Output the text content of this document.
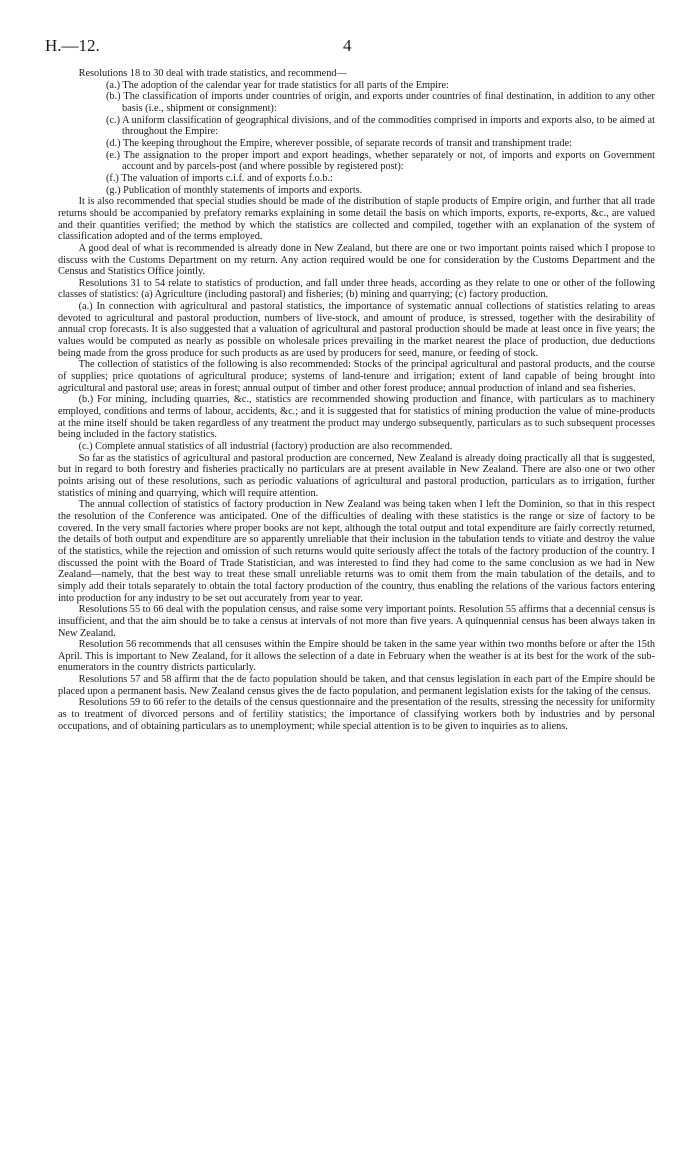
H.—12.	4

Resolutions 18 to 30 deal with trade statistics, and recommend—

(a.) The adoption of the calendar year for trade statistics for all parts of the Empire:
(b.) The classification of imports under countries of origin, and exports under countries of final destination, in addition to any other basis (i.e., shipment or consignment):
(c.) A uniform classification of geographical divisions, and of the commodities comprised in imports and exports also, to be aimed at throughout the Empire:
(d.) The keeping throughout the Empire, wherever possible, of separate records of transit and transhipment trade:
(e.) The assignation to the proper import and export headings, whether separately or not, of imports and exports on Government account and by parcels-post (and where possible by registered post):
(f.) The valuation of imports c.i.f. and of exports f.o.b.:
(g.) Publication of monthly statements of imports and exports.

It is also recommended that special studies should be made of the distribution of staple products of Empire origin, and further that all trade returns should be accompanied by prefatory remarks explaining in some detail the basis on which imports, exports, re-exports, &c., are valued and their quantities verified; the method by which the statistics are collected and compiled, together with an explanation of the system of classification adopted and of the terms employed.

A good deal of what is recommended is already done in New Zealand, but there are one or two important points raised which I propose to discuss with the Customs Department on my return. Any action required would be one for consideration by the Customs Department and the Census and Statistics Office jointly.

Resolutions 31 to 54 relate to statistics of production, and fall under three heads, according as they relate to one or other of the following classes of statistics: (a) Agriculture (including pastoral) and fisheries; (b) mining and quarrying; (c) factory production.

(a.) In connection with agricultural and pastoral statistics, the importance of systematic annual collections of statistics relating to areas devoted to agricultural and pastoral production, numbers of live-stock, and amount of produce, is stressed, together with the desirability of annual crop forecasts. It is also suggested that a valuation of agricultural and pastoral production should be made at least once in five years; the values would be computed as nearly as possible on wholesale prices prevailing in the market nearest the place of production, due deductions being made from the gross produce for such products as are used by producers for seed, manure, or feeding of stock.

The collection of statistics of the following is also recommended: Stocks of the principal agricultural and pastoral products, and the course of supplies; price quotations of agricultural produce; systems of land-tenure and irrigation; extent of land capable of being brought into agricultural and pastoral use; areas in forest; annual output of timber and other forest produce; annual production of inland and sea fisheries.

(b.) For mining, including quarries, &c., statistics are recommended showing production and finance, with particulars as to machinery employed, conditions and terms of labour, accidents, &c.; and it is suggested that for statistics of mining production the value of mine-products at the mine itself should be taken regardless of any treatment the product may undergo subsequently, particulars as to such subsequent processes being included in the factory statistics.

(c.) Complete annual statistics of all industrial (factory) production are also recommended.

So far as the statistics of agricultural and pastoral production are concerned, New Zealand is already doing practically all that is suggested, but in regard to both forestry and fisheries practically no particulars are at present available in New Zealand. There are also one or two other points arising out of these resolutions, such as periodic valuations of agricultural and pastoral production, particulars as to irrigation, further statistics of mining and quarrying, which will require attention.

The annual collection of statistics of factory production in New Zealand was being taken when I left the Dominion, so that in this respect the resolution of the Conference was anticipated. One of the difficulties of dealing with these statistics is the range or size of factory to be covered. In the very small factories where proper books are not kept, although the total output and total expenditure are fairly correctly returned, the details of both output and expenditure are so apparently unreliable that their inclusion in the tabulation tends to vitiate and destroy the value of the statistics, while the rejection and omission of such returns would quite seriously affect the totals of the factory production of the country. I discussed the point with the Board of Trade Statistician, and was interested to find they had come to the same conclusion as we had in New Zealand—namely, that the best way to treat these small unreliable returns was to omit them from the main tabulation of the details, and to simply add their totals separately to obtain the total factory production of the country, thus enabling the relations of the various factors entering into production for any industry to be set out accurately from year to year.

Resolutions 55 to 66 deal with the population census, and raise some very important points. Resolution 55 affirms that a decennial census is insufficient, and that the aim should be to take a census at intervals of not more than five years. A quinquennial census has been always taken in New Zealand.

Resolution 56 recommends that all censuses within the Empire should be taken in the same year within two months before or after the 15th April. This is important to New Zealand, for it allows the selection of a date in February when the weather is at its best for the work of the sub-enumerators in the country districts particularly.

Resolutions 57 and 58 affirm that the de facto population should be taken, and that census legislation in each part of the Empire should be placed upon a permanent basis. New Zealand census gives the de facto population, and permanent legislation exists for the taking of the census.

Resolutions 59 to 66 refer to the details of the census questionnaire and the presentation of the results, stressing the necessity for uniformity as to treatment of divorced persons and of fertility statistics; the importance of classifying workers both by industries and by personal occupations, and of obtaining particulars as to unemployment; while special attention is to be given to inquiries as to aliens.
